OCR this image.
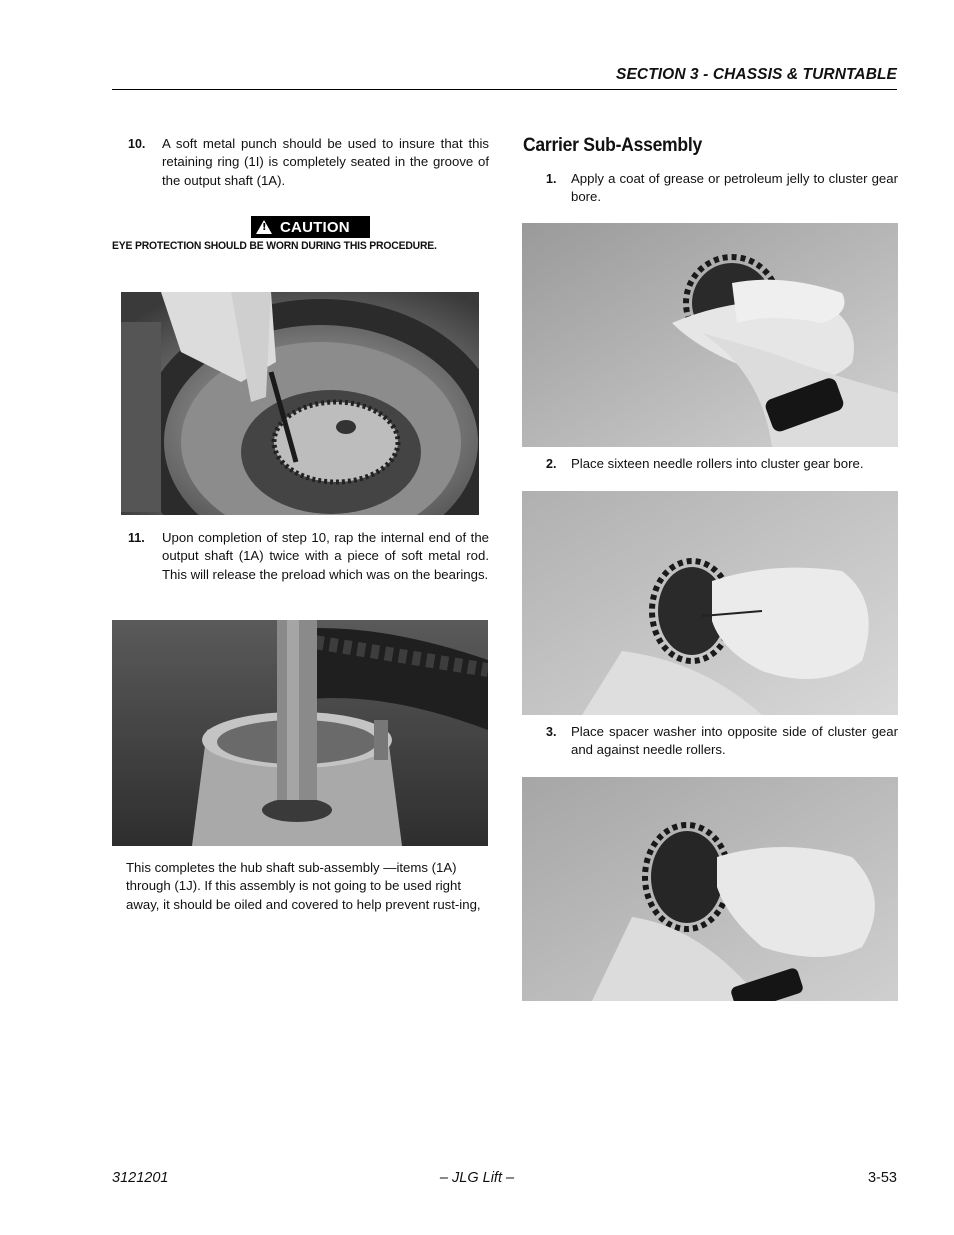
SECTION 3 - CHASSIS & TURNTABLE
10. A soft metal punch should be used to insure that this retaining ring (1I) is completely seated in the groove of the output shaft (1A).
! CAUTION
EYE PROTECTION SHOULD BE WORN DURING THIS PROCEDURE.
11. Upon completion of step 10, rap the internal end of the output shaft (1A) twice with a piece of soft metal rod. This will release the preload which was on the bearings.
This completes the hub shaft sub-assembly —items (1A) through (1J). If this assembly is not going to be used right away, it should be oiled and covered to help prevent rust-ing,
Carrier Sub-Assembly
1. Apply a coat of grease or petroleum jelly to cluster gear bore.
2. Place sixteen needle rollers into cluster gear bore.
3. Place spacer washer into opposite side of cluster gear and against needle rollers.
3121201	– JLG Lift –	3-53
